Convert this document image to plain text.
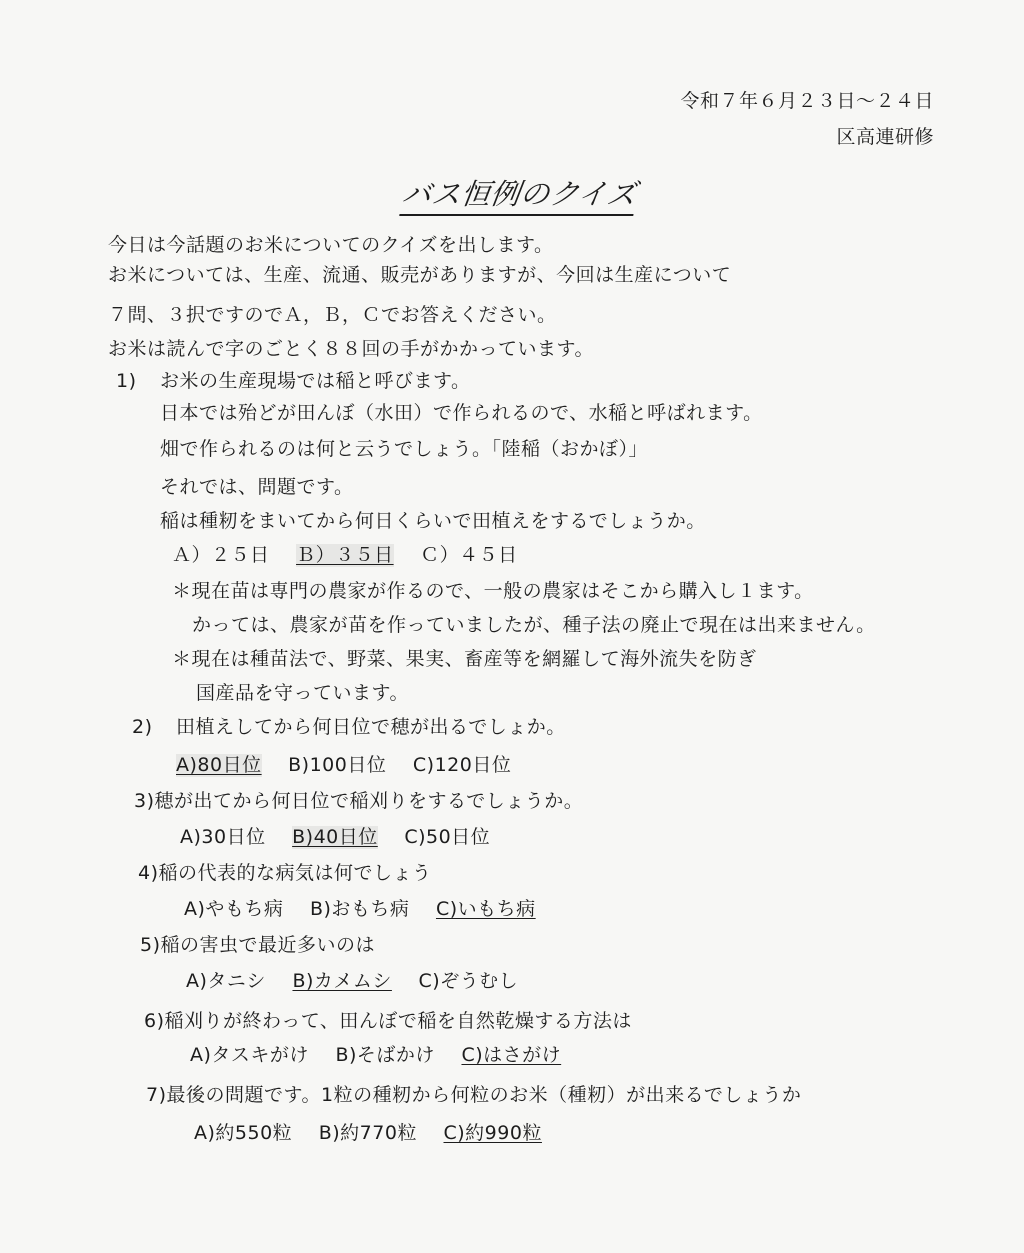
令和７年６月２３日～２４日
区高連研修
バス恒例のクイズ
今日は今話題のお米についてのクイズを出します。
お米については、生産、流通、販売がありますが、今回は生産について
７問、３択ですのでＡ，Ｂ，Ｃでお答えください。
お米は読んで字のごとく８８回の手がかかっています。
1) お米の生産現場では稲と呼びます。
日本では殆どが田んぼ（水田）で作られるので、水稲と呼ばれます。
畑で作られるのは何と云うでしょう。「陸稲（おかぼ）」
それでは、問題です。
稲は種籾をまいてから何日くらいで田植えをするでしょうか。
Ａ）２５日 Ｂ）３５日 Ｃ）４５日
＊現在苗は専門の農家が作るので、一般の農家はそこから購入し１ます。
かっては、農家が苗を作っていましたが、種子法の廃止で現在は出来ません。
＊現在は種苗法で、野菜、果実、畜産等を網羅して海外流失を防ぎ
国産品を守っています。
2) 田植えしてから何日位で穂が出るでしょか。
A)80日位 B)100日位 C)120日位
3)穂が出てから何日位で稲刈りをするでしょうか。
A)30日位 B)40日位 C)50日位
4)稲の代表的な病気は何でしょう
A)やもち病 B)おもち病 C)いもち病
5)稲の害虫で最近多いのは
A)タニシ B)カメムシ C)ぞうむし
6)稲刈りが終わって、田んぼで稲を自然乾燥する方法は
A)タスキがけ B)そばかけ C)はさがけ
7)最後の問題です。1粒の種籾から何粒のお米（種籾）が出来るでしょうか
A)約550粒 B)約770粒 C)約990粒
